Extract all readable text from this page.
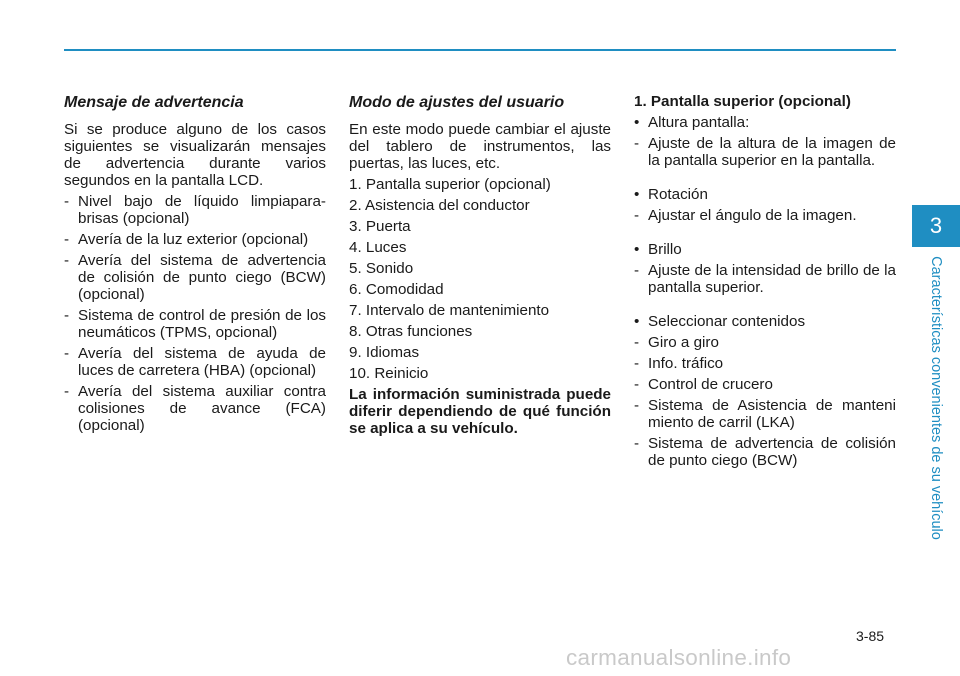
Mensaje de advertencia

Si se produce alguno de los casos siguientes se visualizarán mensajes de advertencia durante varios segundos en la pantalla LCD.

- Nivel bajo de líquido limpiapara-brisas (opcional)
- Avería de la luz exterior (opcional)
- Avería del sistema de advertencia de colisión de punto ciego (BCW) (opcional)
- Sistema de control de presión de los neumáticos (TPMS, opcional)
- Avería del sistema de ayuda de luces de carretera (HBA) (opcional)
- Avería del sistema auxiliar contra colisiones de avance (FCA) (opcional)
Modo de ajustes del usuario

En este modo puede cambiar el ajuste del tablero de instrumentos, las puertas, las luces, etc.

1. Pantalla superior (opcional)
2. Asistencia del conductor
3. Puerta
4. Luces
5. Sonido
6. Comodidad
7. Intervalo de mantenimiento
8. Otras funciones
9. Idiomas
10. Reinicio

La información suministrada puede diferir dependiendo de qué función se aplica a su vehículo.

1. Pantalla superior (opcional)
• Altura pantalla:
- Ajuste de la altura de la imagen de la pantalla superior en la pantalla.
• Rotación
- Ajustar el ángulo de la imagen.
• Brillo
- Ajuste de la intensidad de brillo de la pantalla superior.
• Seleccionar contenidos
- Giro a giro
- Info. tráfico
- Control de crucero
- Sistema de Asistencia de manteni miento de carril (LKA)
- Sistema de advertencia de colisión de punto ciego (BCW)
3
Características convenientes de su vehículo
3-85
carmanualsonline.info
